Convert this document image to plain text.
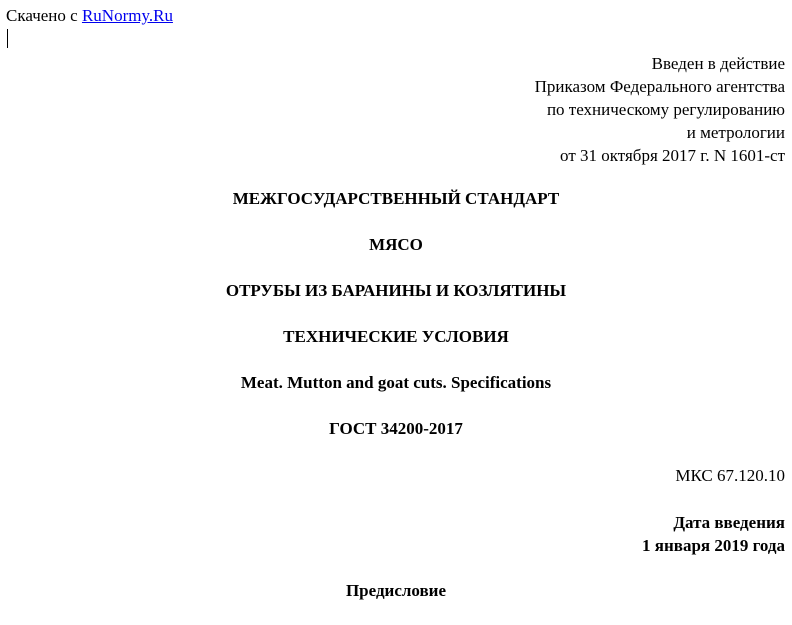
Скачено с RuNormy.Ru
Введен в действие
Приказом Федерального агентства
по техническому регулированию
и метрологии
от 31 октября 2017 г. N 1601-ст
МЕЖГОСУДАРСТВЕННЫЙ СТАНДАРТ
МЯСО
ОТРУБЫ ИЗ БАРАНИНЫ И КОЗЛЯТИНЫ
ТЕХНИЧЕСКИЕ УСЛОВИЯ
Meat. Mutton and goat cuts. Specifications
ГОСТ 34200-2017
МКС 67.120.10
Дата введения
1 января 2019 года
Предисловие
